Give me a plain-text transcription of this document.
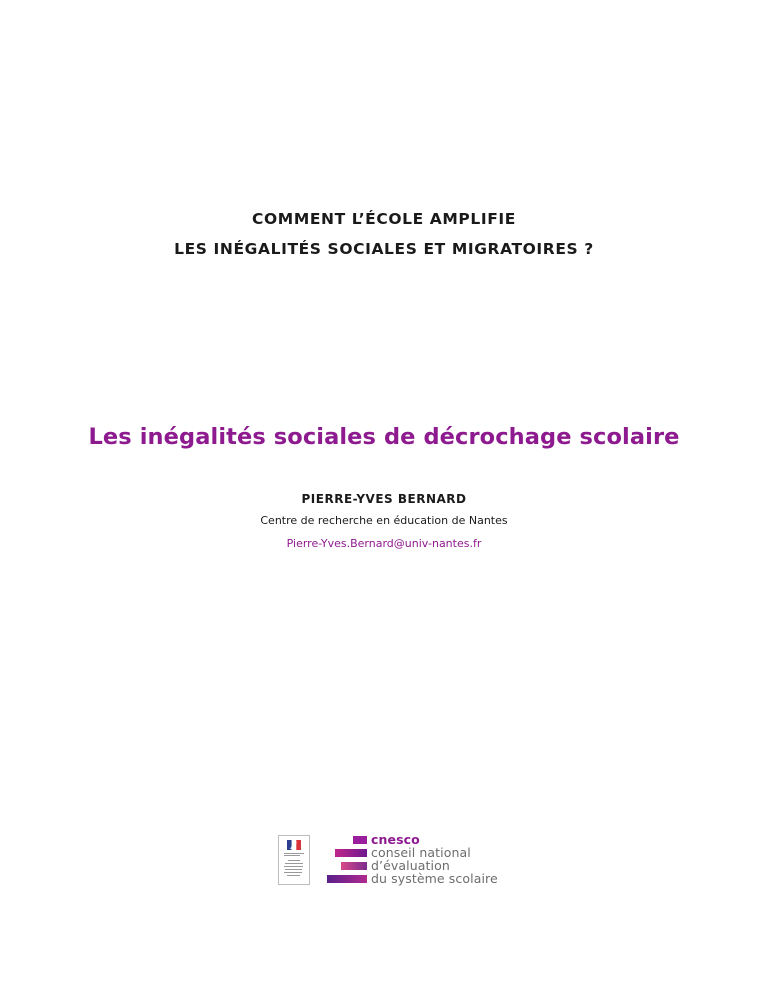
COMMENT L’ÉCOLE AMPLIFIE
LES INÉGALITÉS SOCIALES ET MIGRATOIRES ?
Les inégalités sociales de décrochage scolaire
PIERRE-YVES BERNARD
Centre de recherche en éducation de Nantes
Pierre-Yves.Bernard@univ-nantes.fr
cnesco
conseil national
d’évaluation
du système scolaire
